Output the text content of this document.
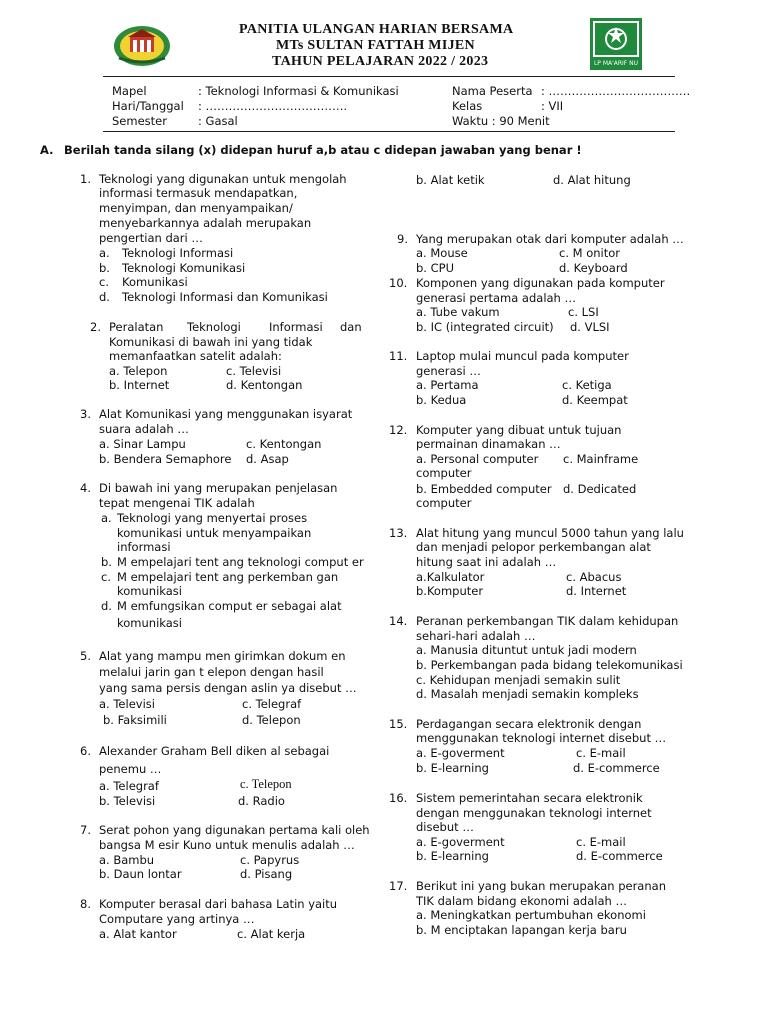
PANITIA ULANGAN HARIAN BERSAMA
MTs SULTAN FATTAH MIJEN
TAHUN PELAJARAN 2022 / 2023	LP MA'ARIF NU
Mapel	: Teknologi Informasi & Komunikasi
Hari/Tanggal : ……………………………….
Semester	: Gasal
Nama Peserta : ……………………………….
Kelas	: VII
Waktu : 90 Menit
A. Berilah tanda silang (x) didepan huruf a,b atau c didepan jawaban yang benar !
1. Teknologi yang digunakan untuk mengolah
informasi termasuk mendapatkan,
menyimpan, dan menyampaikan/
menyebarkannya adalah merupakan
pengertian dari …
a. Teknologi Informasi
b. Teknologi Komunikasi
c. Komunikasi
d. Teknologi Informasi dan Komunikasi
2. Peralatan Teknologi Informasi dan
Komunikasi di bawah ini yang tidak
memanfaatkan satelit adalah:
a. Telepon	c. Televisi
b. Internet	d. Kentongan
3. Alat Komunikasi yang menggunakan isyarat
suara adalah …
a. Sinar Lampu	c. Kentongan
b. Bendera Semaphore d. Asap
4. Di bawah ini yang merupakan penjelasan
tepat mengenai TIK adalah
a. Teknologi yang menyertai proses
komunikasi untuk menyampaikan
informasi
b. M empelajari tent ang teknologi comput er
c. M empelajari tent ang perkemban gan
komunikasi
d. M emfungsikan comput er sebagai alat
komunikasi
5. Alat yang mampu men girimkan dokum en
melalui jarin gan t elepon dengan hasil
yang sama persis dengan aslin ya disebut …
a. Televisi	c. Telegraf
b. Faksimili	d. Telepon
6. Alexander Graham Bell diken al sebagai
penemu …
a. Telegraf	c. Telepon
b. Televisi	d. Radio
7. Serat pohon yang digunakan pertama kali oleh
bangsa M esir Kuno untuk menulis adalah …
a. Bambu	c. Papyrus
b. Daun lontar	d. Pisang
8. Komputer berasal dari bahasa Latin yaitu
Computare yang artinya …
a. Alat kantor	c. Alat kerja
b. Alat ketik	d. Alat hitung
9. Yang merupakan otak dari komputer adalah …
a. Mouse	c. M onitor
b. CPU	d. Keyboard
10. Komponen yang digunakan pada komputer
generasi pertama adalah …
a. Tube vakum	c. LSI
b. IC (integrated circuit) d. VLSI
11. Laptop mulai muncul pada komputer
generasi …
a. Pertama	c. Ketiga
b. Kedua	d. Keempat
12. Komputer yang dibuat untuk tujuan
permainan dinamakan …
a. Personal computer c. Mainframe
computer
b. Embedded computer d. Dedicated
computer
13. Alat hitung yang muncul 5000 tahun yang lalu
dan menjadi pelopor perkembangan alat
hitung saat ini adalah …
a.Kalkulator	c. Abacus
b.Komputer	d. Internet
14. Peranan perkembangan TIK dalam kehidupan
sehari-hari adalah …
a. Manusia dituntut untuk jadi modern
b. Perkembangan pada bidang telekomunikasi
c. Kehidupan menjadi semakin sulit
d. Masalah menjadi semakin kompleks
15. Perdagangan secara elektronik dengan
menggunakan teknologi internet disebut …
a. E-goverment	c. E-mail
b. E-learning	d. E-commerce
16. Sistem pemerintahan secara elektronik
dengan menggunakan teknologi internet
disebut …
a. E-goverment	c. E-mail
b. E-learning	d. E-commerce
17. Berikut ini yang bukan merupakan peranan
TIK dalam bidang ekonomi adalah …
a. Meningkatkan pertumbuhan ekonomi
b. M enciptakan lapangan kerja baru
